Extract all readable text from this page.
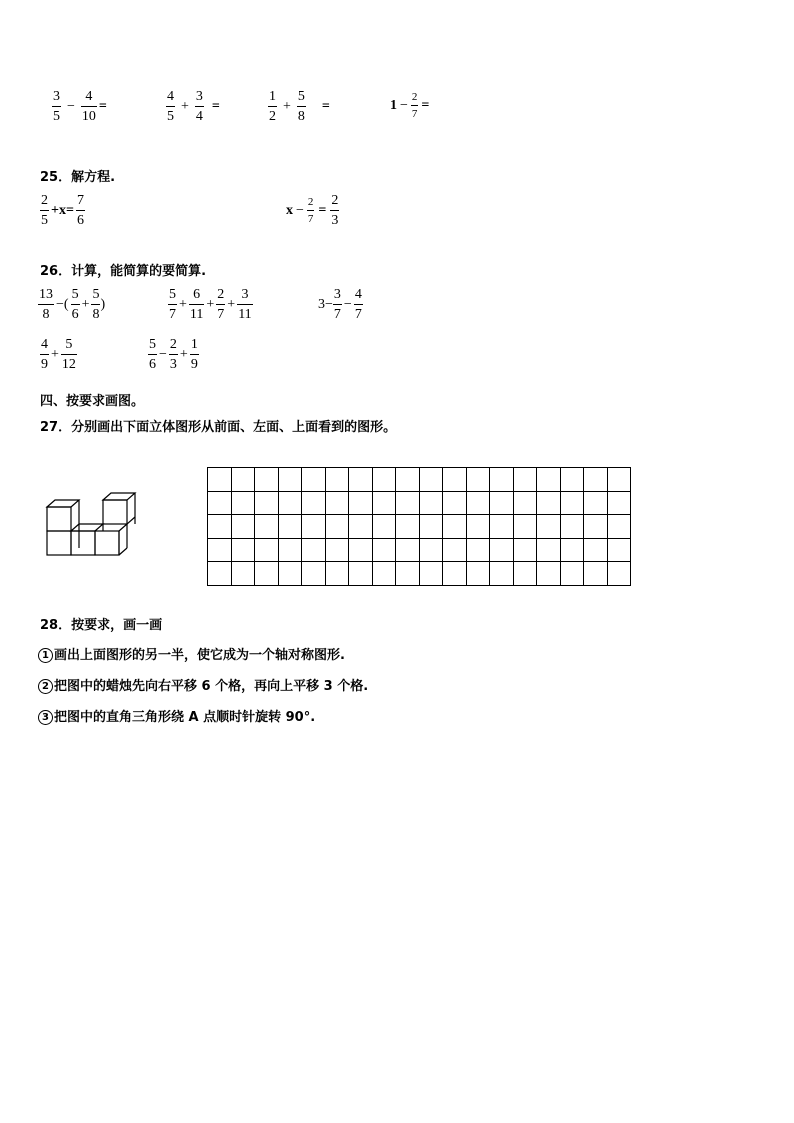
$\frac{3}{5} - \frac{4}{10}$ =	$\frac{4}{5} + \frac{3}{4}$ =	$\frac{1}{2} + \frac{5}{8}$	=	$1 - \frac{2}{7}$ =
25．解方程.
$\frac{2}{5} +x= \frac{7}{6}$	$x - \frac{2}{7} = \frac{2}{3}$
26．计算，能简算的要简算.
$\frac{13}{8}$ −( $\frac{5}{6} + \frac{5}{8}$ )	$\frac{5}{7} + \frac{6}{11} + \frac{2}{7} + \frac{3}{11}$	$3- \frac{3}{7} - \frac{4}{7}$
$\frac{4}{9} + \frac{5}{12}$	$\frac{5}{6} - \frac{2}{3} + \frac{1}{9}$
四、按要求画图。
27．分别画出下面立体图形从前面、左面、上面看到的图形。

28．按要求，画一画
1 画出上面图形的另一半，使它成为一个轴对称图形.
2 把图中的蜡烛先向右平移 6 个格，再向上平移 3 个格.
3 把图中的直角三角形绕 A 点顺时针旋转 90°.
